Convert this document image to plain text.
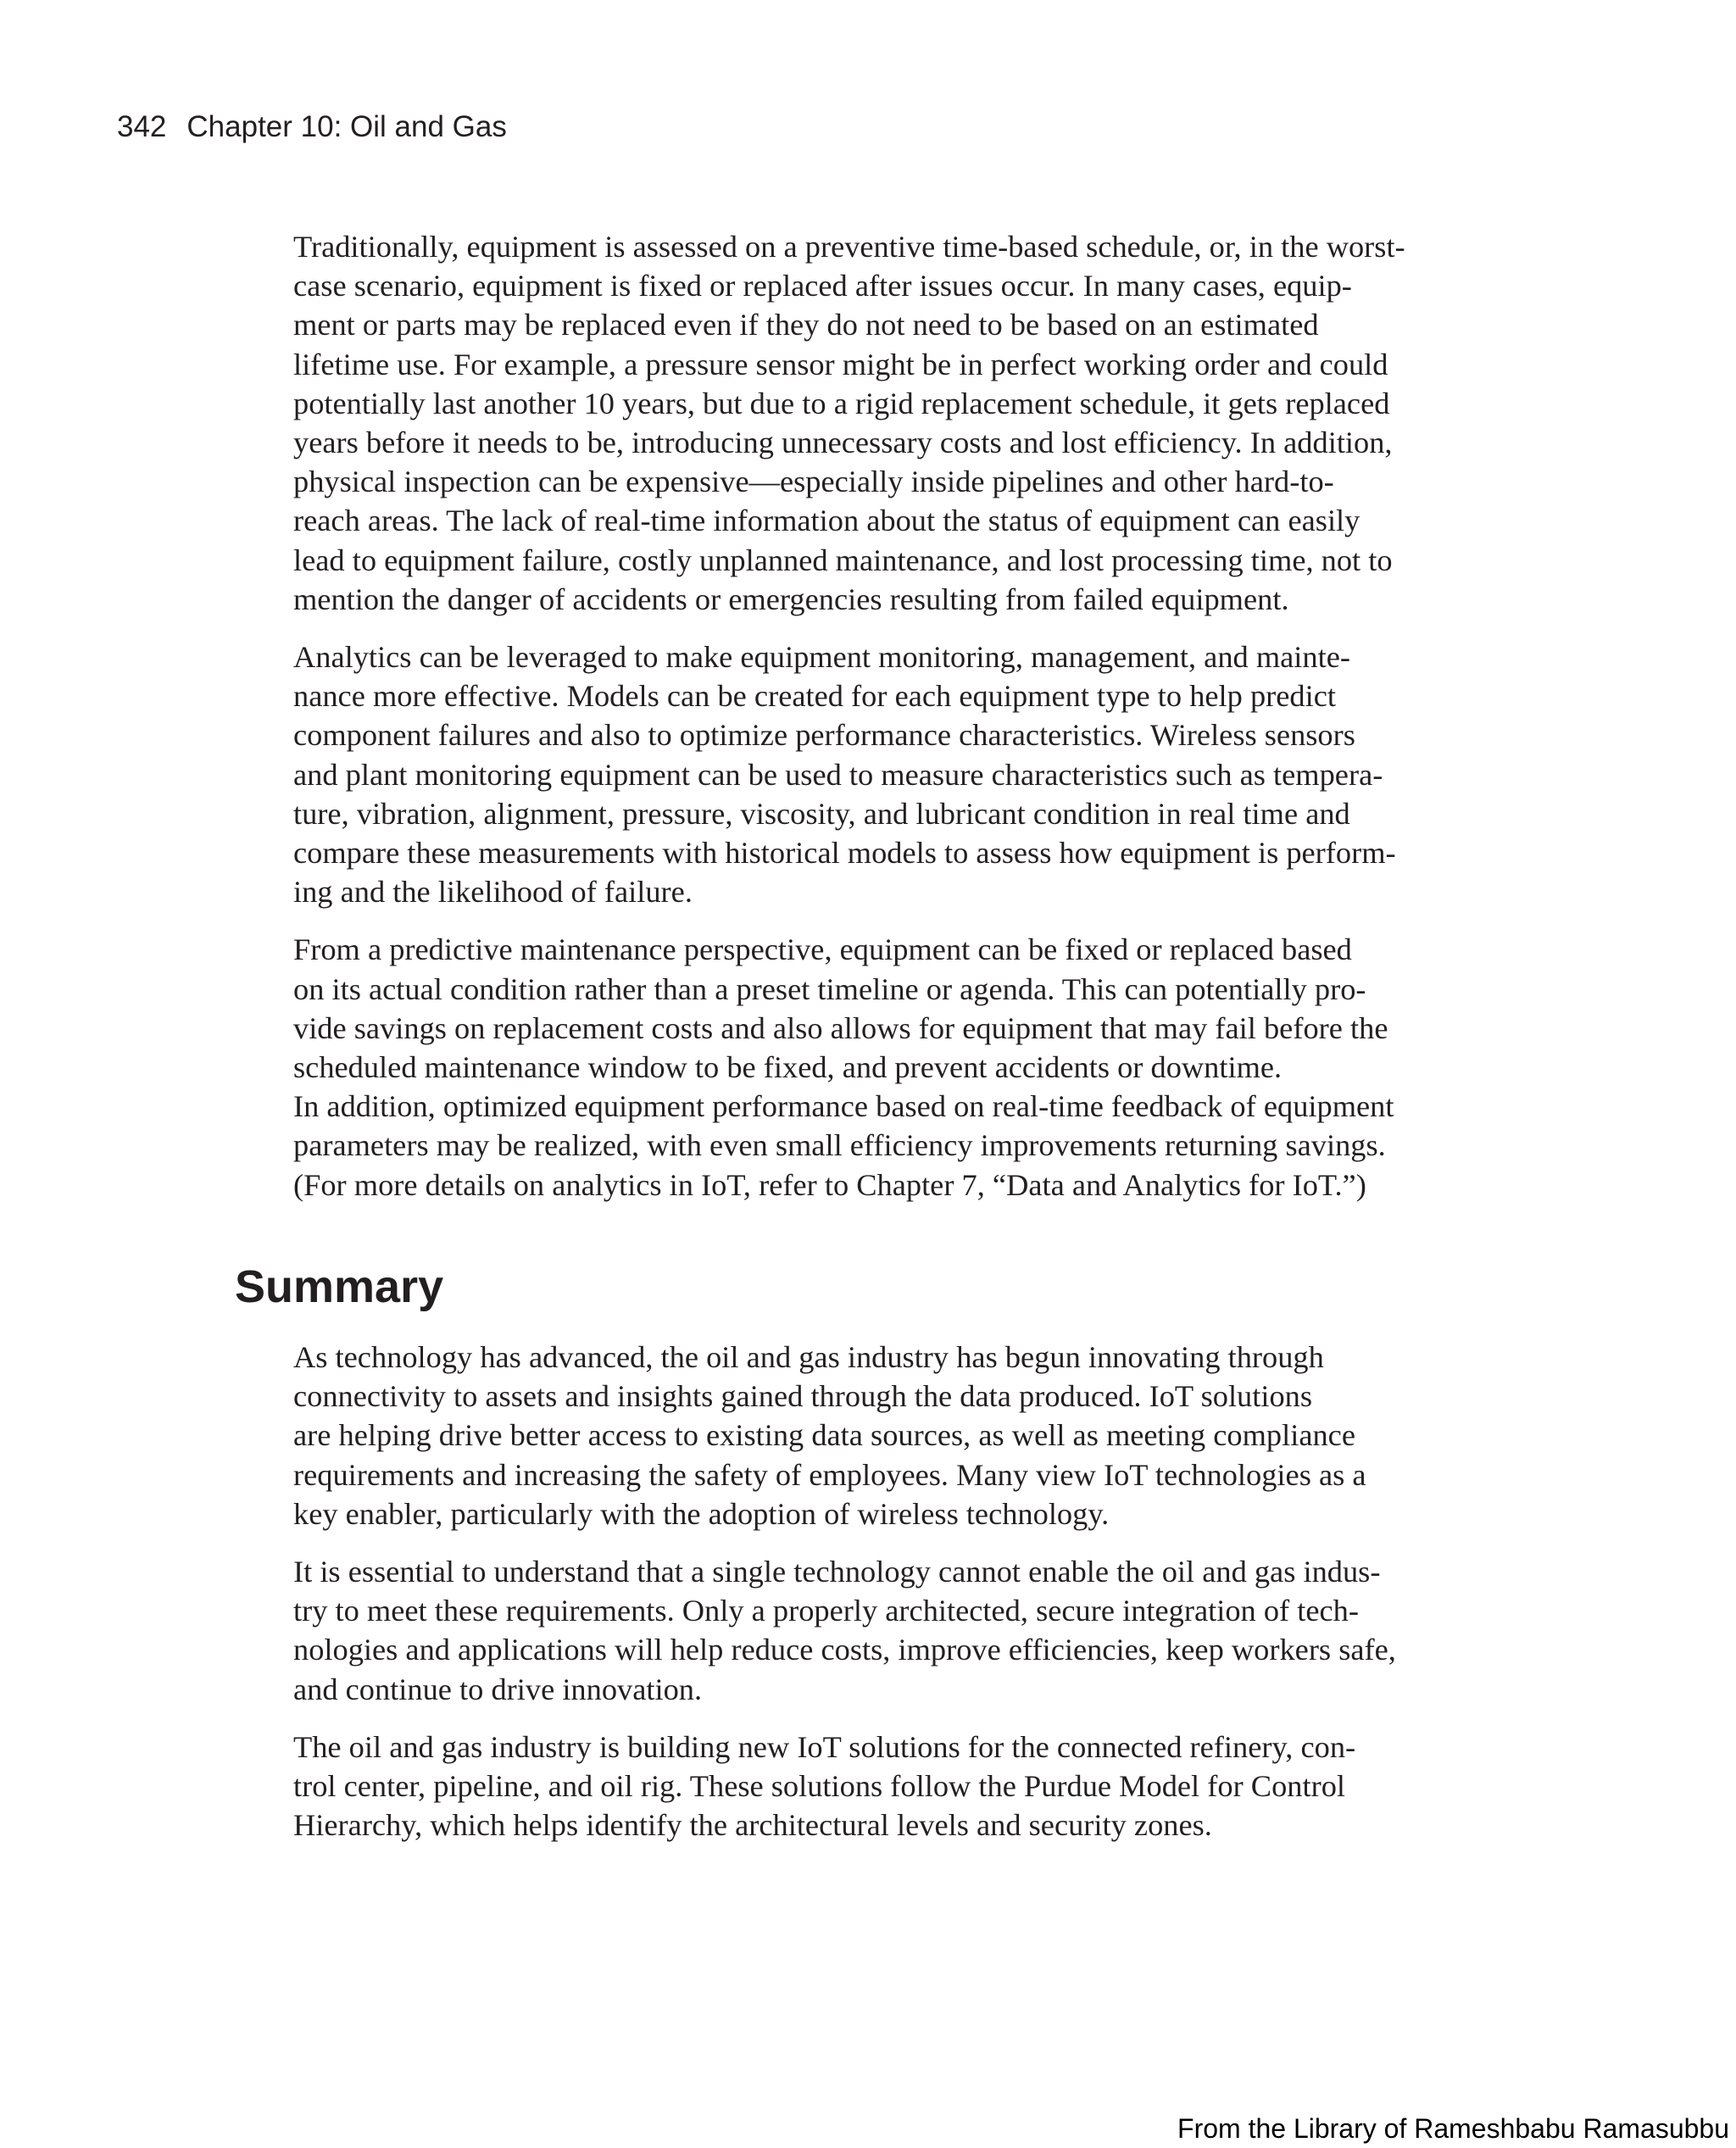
342 Chapter 10: Oil and Gas

Traditionally, equipment is assessed on a preventive time-based schedule, or, in the worst-
case scenario, equipment is fixed or replaced after issues occur. In many cases, equip-
ment or parts may be replaced even if they do not need to be based on an estimated
lifetime use. For example, a pressure sensor might be in perfect working order and could
potentially last another 10 years, but due to a rigid replacement schedule, it gets replaced
years before it needs to be, introducing unnecessary costs and lost efficiency. In addition,
physical inspection can be expensive—especially inside pipelines and other hard-to-
reach areas. The lack of real-time information about the status of equipment can easily
lead to equipment failure, costly unplanned maintenance, and lost processing time, not to
mention the danger of accidents or emergencies resulting from failed equipment.

Analytics can be leveraged to make equipment monitoring, management, and mainte-
nance more effective. Models can be created for each equipment type to help predict
component failures and also to optimize performance characteristics. Wireless sensors
and plant monitoring equipment can be used to measure characteristics such as tempera-
ture, vibration, alignment, pressure, viscosity, and lubricant condition in real time and
compare these measurements with historical models to assess how equipment is perform-
ing and the likelihood of failure.

From a predictive maintenance perspective, equipment can be fixed or replaced based
on its actual condition rather than a preset timeline or agenda. This can potentially pro-
vide savings on replacement costs and also allows for equipment that may fail before the
scheduled maintenance window to be fixed, and prevent accidents or downtime.
In addition, optimized equipment performance based on real-time feedback of equipment
parameters may be realized, with even small efficiency improvements returning savings.
(For more details on analytics in IoT, refer to Chapter 7, “Data and Analytics for IoT.”)

Summary

As technology has advanced, the oil and gas industry has begun innovating through
connectivity to assets and insights gained through the data produced. IoT solutions
are helping drive better access to existing data sources, as well as meeting compliance
requirements and increasing the safety of employees. Many view IoT technologies as a
key enabler, particularly with the adoption of wireless technology.

It is essential to understand that a single technology cannot enable the oil and gas indus-
try to meet these requirements. Only a properly architected, secure integration of tech-
nologies and applications will help reduce costs, improve efficiencies, keep workers safe,
and continue to drive innovation.

The oil and gas industry is building new IoT solutions for the connected refinery, con-
trol center, pipeline, and oil rig. These solutions follow the Purdue Model for Control
Hierarchy, which helps identify the architectural levels and security zones.

From the Library of Rameshbabu Ramasubbu
